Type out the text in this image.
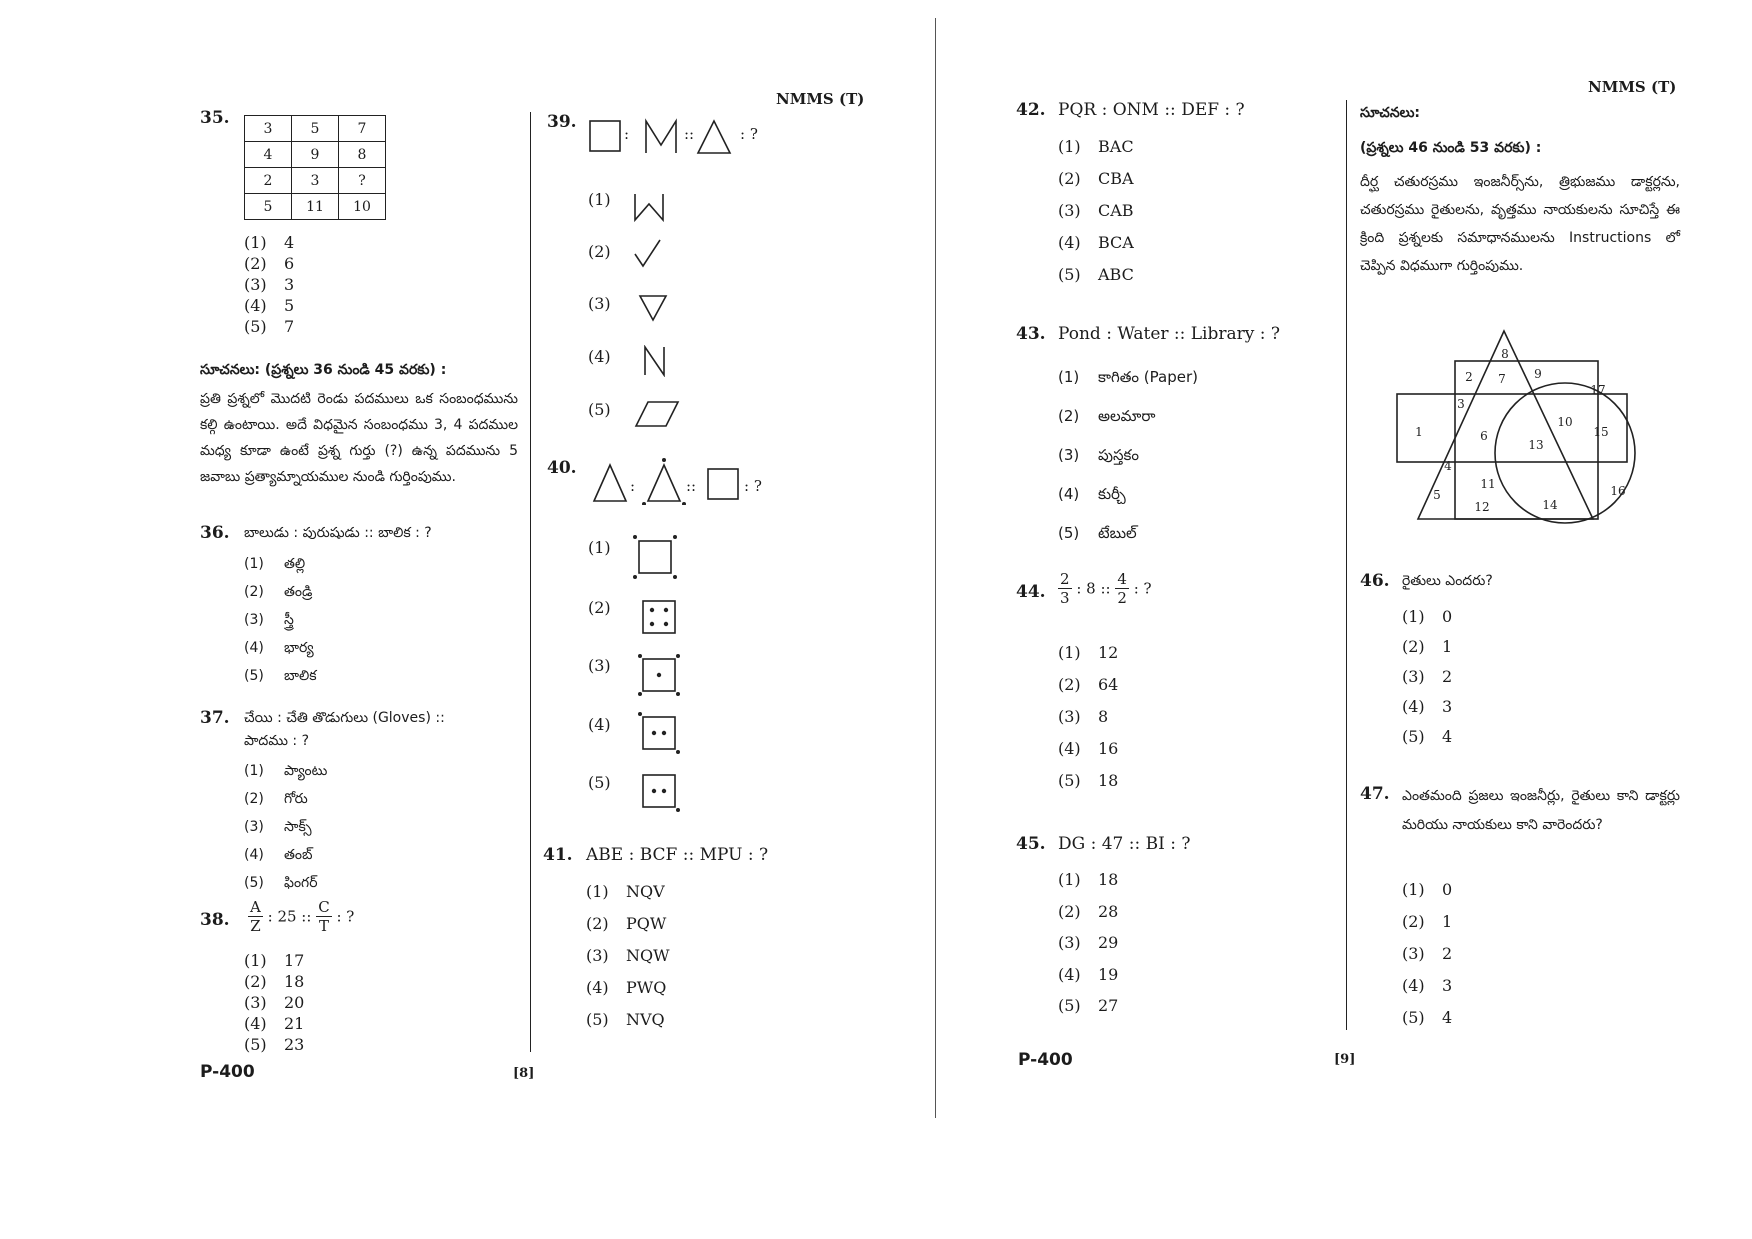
NMMS (T)
35.
3	5	7
4	9	8
2	3	?
5	11	10
(1) 4
(2) 6
(3) 3
(4) 5
(5) 7
సూచనలు: (ప్రశ్నలు 36 నుండి 45 వరకు) :
ప్రతి ప్రశ్నలో మొదటి రెండు పదములు ఒక సంబంధమును కల్గి ఉంటాయి. అదే విధమైన సంబంధము 3, 4 పదముల మధ్య కూడా ఉంటే ప్రశ్న గుర్తు (?) ఉన్న పదమును 5 జవాబు ప్రత్యామ్నాయముల నుండి గుర్తింపుము.
36. బాలుడు : పురుషుడు :: బాలిక : ?
(1) తల్లి
(2) తండ్రి
(3) స్త్రీ
(4) భార్య
(5) బాలిక
37. చేయి : చేతి తొడుగులు (Gloves) ::
పాదము : ?
(1) ప్యాంటు
(2) గోరు
(3) సాక్స్
(4) తంబ్
(5) ఫింగర్
38. $\frac{A}{Z}$ : 25 :: $\frac{C}{T}$ : ?
(1) 17
(2) 18
(3) 20
(4) 21
(5) 23
P-400	[8]
39.
:	::	: ?
(1)
(2)
(3)
(4)
(5)
40.
:	::	: ?
(1)
(2)
(3)
(4)
(5)
41. ABE : BCF :: MPU : ?
(1) NQV
(2) PQW
(3) NQW
(4) PWQ
(5) NVQ
NMMS (T)
42. PQR : ONM :: DEF : ?
(1) BAC
(2) CBA
(3) CAB
(4) BCA
(5) ABC
43. Pond : Water :: Library : ?
(1) కాగితం (Paper)
(2) అలమారా
(3) పుస్తకం
(4) కుర్చీ
(5) టేబుల్
44. $\frac{2}{3}$ : 8 :: $\frac{4}{2}$ : ?
(1) 12
(2) 64
(3) 8
(4) 16
(5) 18
45. DG : 47 :: BI : ?
(1) 18
(2) 28
(3) 29
(4) 19
(5) 27
P-400	[9]
సూచనలు:
(ప్రశ్నలు 46 నుండి 53 వరకు) :
దీర్ఘ చతురస్రము ఇంజనీర్స్‌ను, త్రిభుజము డాక్టర్లను, చతురస్రము రైతులను, వృత్తము నాయకులను సూచిస్తే ఈ క్రింది ప్రశ్నలకు సమాధానములను Instructions లో చెప్పిన విధముగా గుర్తింపుము.
1
2
3
4
5
6
7
8
9
10
11
12
13
14
15
16
17
46. రైతులు ఎందరు?
(1) 0
(2) 1
(3) 2
(4) 3
(5) 4
47. ఎంతమంది ప్రజలు ఇంజనీర్లు, రైతులు కాని డాక్టర్లు మరియు నాయకులు కాని వారెందరు?
(1) 0
(2) 1
(3) 2
(4) 3
(5) 4
